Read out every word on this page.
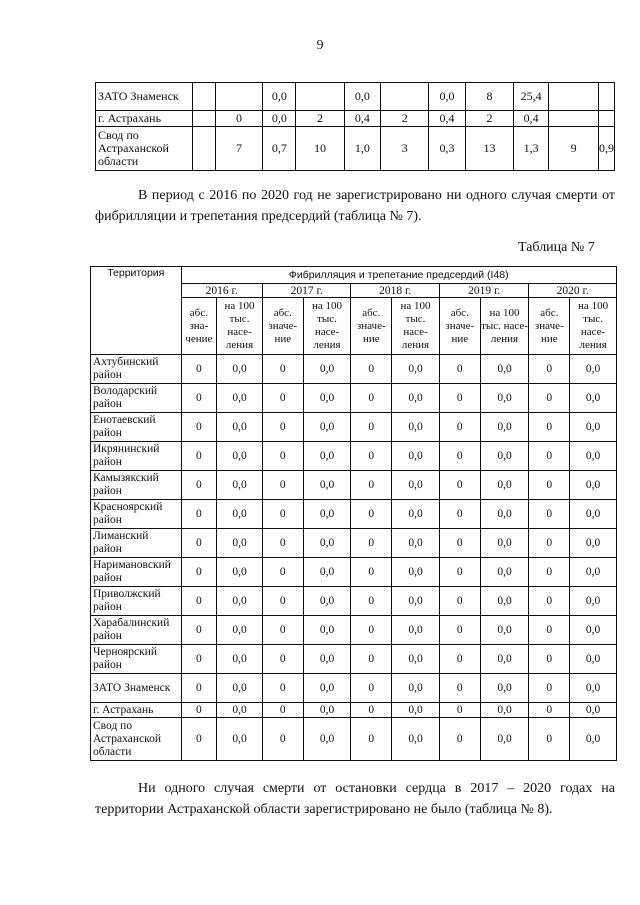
9
ЗАТО Знаменск			0,0		0,0		0,0	8	25,4		
г. Астрахань		0	0,0	2	0,4	2	0,4	2	0,4		
Свод по Астраханской области		7	0,7	10	1,0	3	0,3	13	1,3	9	0,9
В период с 2016 по 2020 год не зарегистрировано ни одного случая смерти от фибрилляции и трепетания предсердий (таблица № 7).
Таблица № 7
Территория	Фибрилляция и трепетание предсердий (I48)									
	2016 г.		2017 г.		2018 г.		2019 г.		2020 г.	
	абс. зна-чение	на 100 тыс. насе-ления	абс. значе-ние	на 100 тыс. насе-ления	абс. значе-ние	на 100 тыс. насе-ления	абс. значе-ние	на 100 тыс. насе-ления	абс. значе-ние	на 100 тыс. насе-ления
Ахтубинский район	0	0,0	0	0,0	0	0,0	0	0,0	0	0,0
Володарский район	0	0,0	0	0,0	0	0,0	0	0,0	0	0,0
Енотаевский район	0	0,0	0	0,0	0	0,0	0	0,0	0	0,0
Икрянинский район	0	0,0	0	0,0	0	0,0	0	0,0	0	0,0
Камызякский район	0	0,0	0	0,0	0	0,0	0	0,0	0	0,0
Красноярский район	0	0,0	0	0,0	0	0,0	0	0,0	0	0,0
Лиманский район	0	0,0	0	0,0	0	0,0	0	0,0	0	0,0
Наримановский район	0	0,0	0	0,0	0	0,0	0	0,0	0	0,0
Приволжский район	0	0,0	0	0,0	0	0,0	0	0,0	0	0,0
Харабалинский район	0	0,0	0	0,0	0	0,0	0	0,0	0	0,0
Черноярский район	0	0,0	0	0,0	0	0,0	0	0,0	0	0,0
ЗАТО Знаменск	0	0,0	0	0,0	0	0,0	0	0,0	0	0,0
г. Астрахань	0	0,0	0	0,0	0	0,0	0	0,0	0	0,0
Свод по Астраханской области	0	0,0	0	0,0	0	0,0	0	0,0	0	0,0
Ни одного случая смерти от остановки сердца в 2017 – 2020 годах на территории Астраханской области зарегистрировано не было (таблица № 8).
